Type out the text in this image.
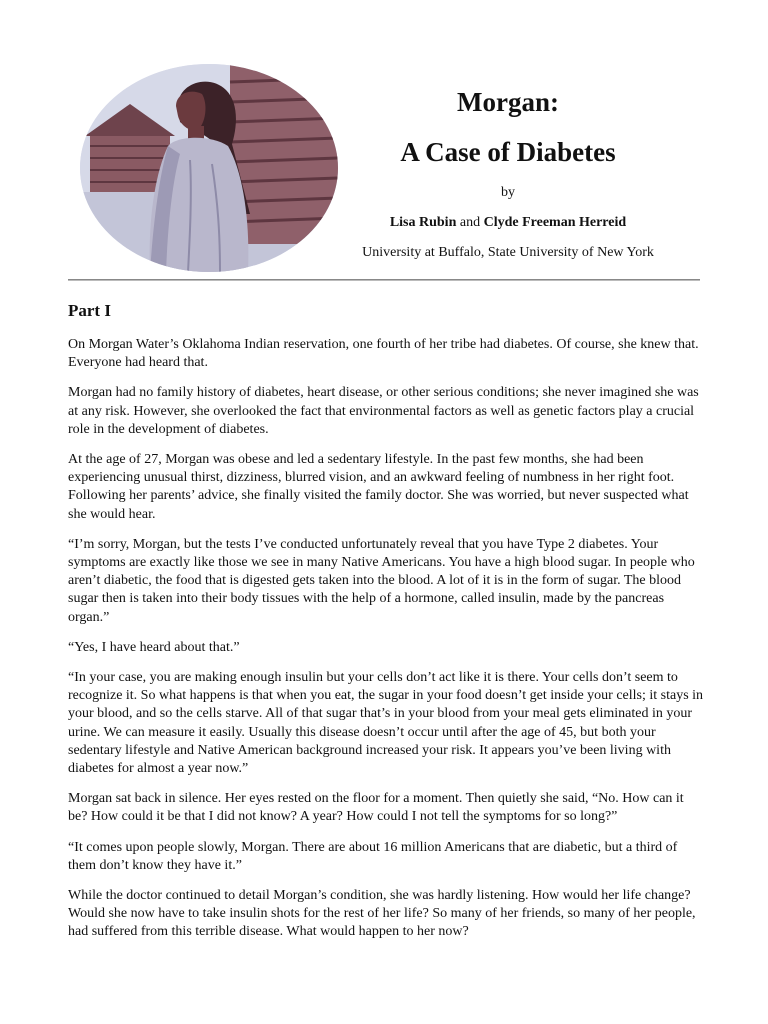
Morgan:
A Case of Diabetes
by
Lisa Rubin and Clyde Freeman Herreid
University at Buffalo, State University of New York
Part I

On Morgan Water’s Oklahoma Indian reservation, one fourth of her tribe had diabetes. Of course, she knew that. Everyone had heard that.

Morgan had no family history of diabetes, heart disease, or other serious conditions; she never imagined she was at any risk. However, she overlooked the fact that environmental factors as well as genetic factors play a crucial role in the development of diabetes.

At the age of 27, Morgan was obese and led a sedentary lifestyle. In the past few months, she had been experiencing unusual thirst, dizziness, blurred vision, and an awkward feeling of numbness in her right foot. Following her parents’ advice, she finally visited the family doctor. She was worried, but never suspected what she would hear.

“I’m sorry, Morgan, but the tests I’ve conducted unfortunately reveal that you have Type 2 diabetes. Your symptoms are exactly like those we see in many Native Americans. You have a high blood sugar. In people who aren’t diabetic, the food that is digested gets taken into the blood. A lot of it is in the form of sugar. The blood sugar then is taken into their body tissues with the help of a hormone, called insulin, made by the pancreas organ.”

“Yes, I have heard about that.”

“In your case, you are making enough insulin but your cells don’t act like it is there. Your cells don’t seem to recognize it. So what happens is that when you eat, the sugar in your food doesn’t get inside your cells; it stays in your blood, and so the cells starve. All of that sugar that’s in your blood from your meal gets eliminated in your urine. We can measure it easily. Usually this disease doesn’t occur until after the age of 45, but both your sedentary lifestyle and Native American background increased your risk. It appears you’ve been living with diabetes for almost a year now.”

Morgan sat back in silence. Her eyes rested on the floor for a moment. Then quietly she said, “No. How can it be? How could it be that I did not know? A year? How could I not tell the symptoms for so long?”

“It comes upon people slowly, Morgan. There are about 16 million Americans that are diabetic, but a third of them don’t know they have it.”

While the doctor continued to detail Morgan’s condition, she was hardly listening. How would her life change? Would she now have to take insulin shots for the rest of her life? So many of her friends, so many of her people, had suffered from this terrible disease. What would happen to her now?
